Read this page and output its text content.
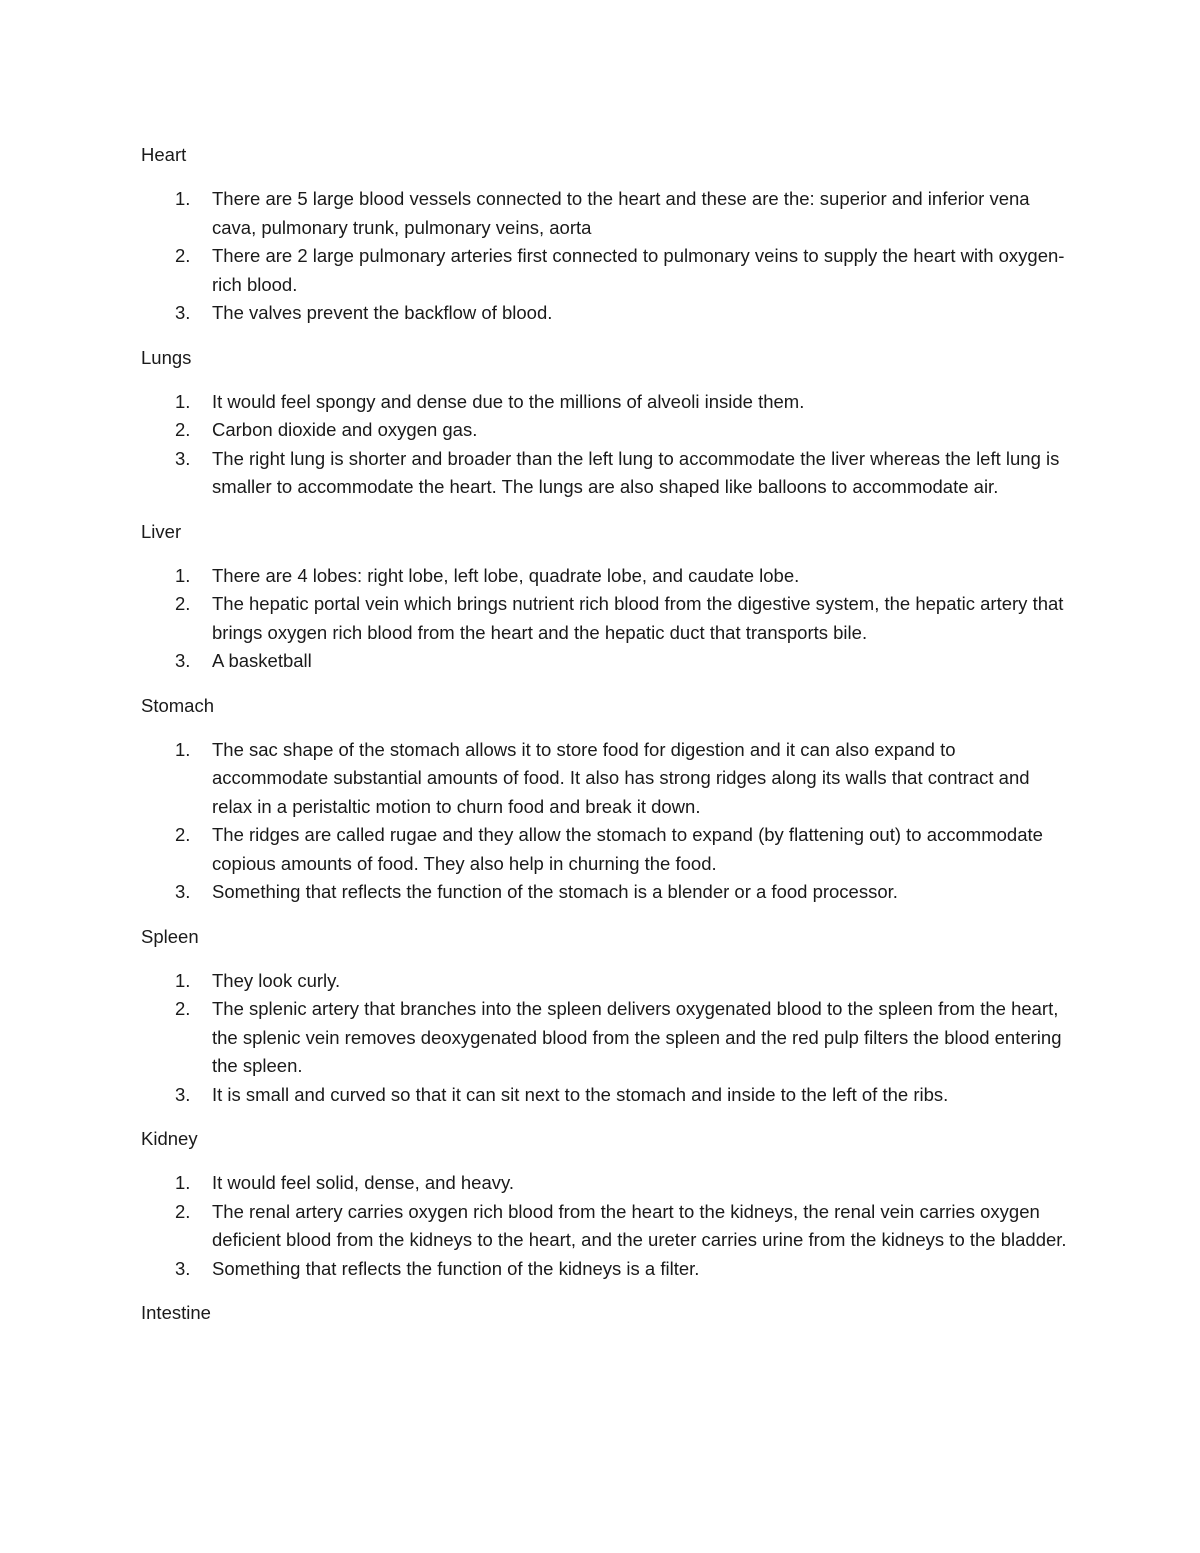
Heart

1. There are 5 large blood vessels connected to the heart and these are the: superior and inferior vena cava, pulmonary trunk, pulmonary veins, aorta
2. There are 2 large pulmonary arteries first connected to pulmonary veins to supply the heart with oxygen-rich blood.
3. The valves prevent the backflow of blood.

Lungs

1. It would feel spongy and dense due to the millions of alveoli inside them.
2. Carbon dioxide and oxygen gas.
3. The right lung is shorter and broader than the left lung to accommodate the liver whereas the left lung is smaller to accommodate the heart. The lungs are also shaped like balloons to accommodate air.

Liver

1. There are 4 lobes: right lobe, left lobe, quadrate lobe, and caudate lobe.
2. The hepatic portal vein which brings nutrient rich blood from the digestive system, the hepatic artery that brings oxygen rich blood from the heart and the hepatic duct that transports bile.
3. A basketball

Stomach

1. The sac shape of the stomach allows it to store food for digestion and it can also expand to accommodate substantial amounts of food. It also has strong ridges along its walls that contract and relax in a peristaltic motion to churn food and break it down.
2. The ridges are called rugae and they allow the stomach to expand (by flattening out) to accommodate copious amounts of food. They also help in churning the food.
3. Something that reflects the function of the stomach is a blender or a food processor.

Spleen

1. They look curly.
2. The splenic artery that branches into the spleen delivers oxygenated blood to the spleen from the heart, the splenic vein removes deoxygenated blood from the spleen and the red pulp filters the blood entering the spleen.
3. It is small and curved so that it can sit next to the stomach and inside to the left of the ribs.

Kidney

1. It would feel solid, dense, and heavy.
2. The renal artery carries oxygen rich blood from the heart to the kidneys, the renal vein carries oxygen deficient blood from the kidneys to the heart, and the ureter carries urine from the kidneys to the bladder.
3. Something that reflects the function of the kidneys is a filter.

Intestine
